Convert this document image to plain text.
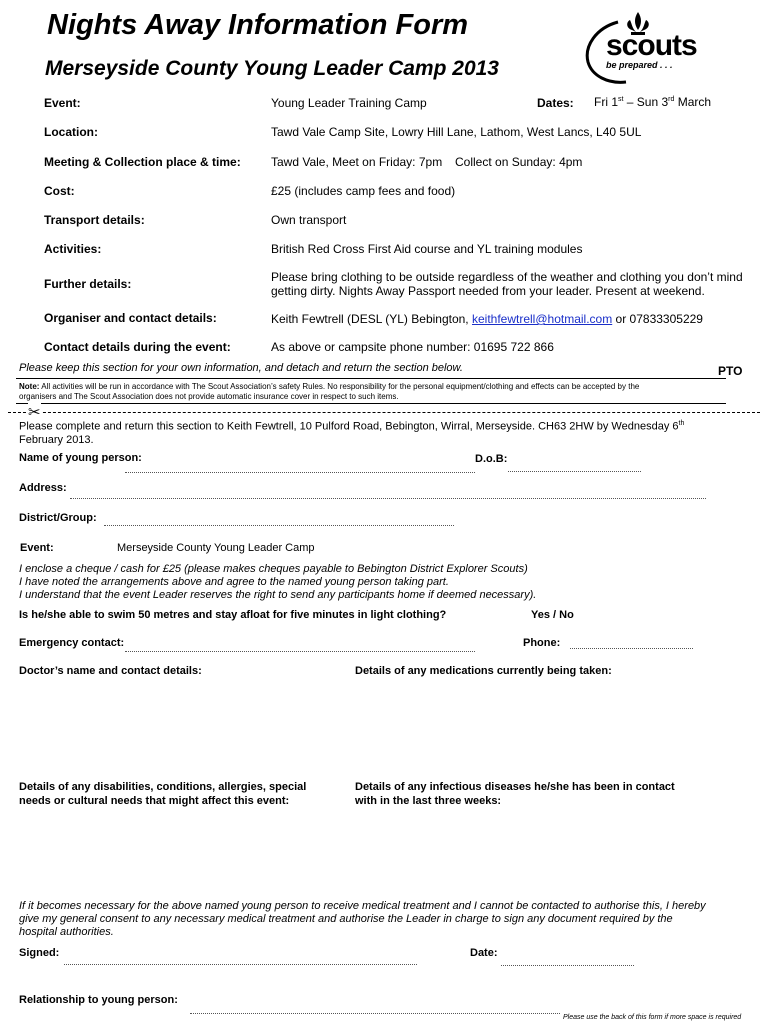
Nights Away Information Form
Merseyside County Young Leader Camp 2013
scouts
be prepared . . .
Event:	Young Leader Training Camp	Dates: Fri 1st – Sun 3rd March
Location:	Tawd Vale Camp Site, Lowry Hill Lane, Lathom, West Lancs, L40 5UL
Meeting & Collection place & time:	Tawd Vale, Meet on Friday: 7pm Collect on Sunday: 4pm
Cost:	£25 (includes camp fees and food)
Transport details:	Own transport
Activities:	British Red Cross First Aid course and YL training modules
Further details:	Please bring clothing to be outside regardless of the weather and clothing you don’t mind
getting dirty. Nights Away Passport needed from your leader. Present at weekend.
Organiser and contact details:	Keith Fewtrell (DESL (YL) Bebington, keithfewtrell@hotmail.com or 07833305229
Contact details during the event:	As above or campsite phone number: 01695 722 866
Please keep this section for your own information, and detach and return the section below.	PTO
Note: All activities will be run in accordance with The Scout Association’s safety Rules. No responsibility for the personal equipment/clothing and effects can be accepted by the
organisers and The Scout Association does not provide automatic insurance cover in respect to such items.
✂
Please complete and return this section to Keith Fewtrell, 10 Pulford Road, Bebington, Wirral, Merseyside. CH63 2HW by Wednesday 6th
February 2013.
Name of young person:	D.o.B:
Address:
District/Group:
Event:	Merseyside County Young Leader Camp
I enclose a cheque / cash for £25 (please makes cheques payable to Bebington District Explorer Scouts)
I have noted the arrangements above and agree to the named young person taking part.
I understand that the event Leader reserves the right to send any participants home if deemed necessary).
Is he/she able to swim 50 metres and stay afloat for five minutes in light clothing?	Yes / No
Emergency contact:	Phone:
Doctor’s name and contact details:	Details of any medications currently being taken:
Details of any disabilities, conditions, allergies, special
needs or cultural needs that might affect this event:
Details of any infectious diseases he/she has been in contact
with in the last three weeks:
If it becomes necessary for the above named young person to receive medical treatment and I cannot be contacted to authorise this, I hereby
give my general consent to any necessary medical treatment and authorise the Leader in charge to sign any document required by the
hospital authorities.
Signed:	Date:
Relationship to young person:
Please use the back of this form if more space is required
